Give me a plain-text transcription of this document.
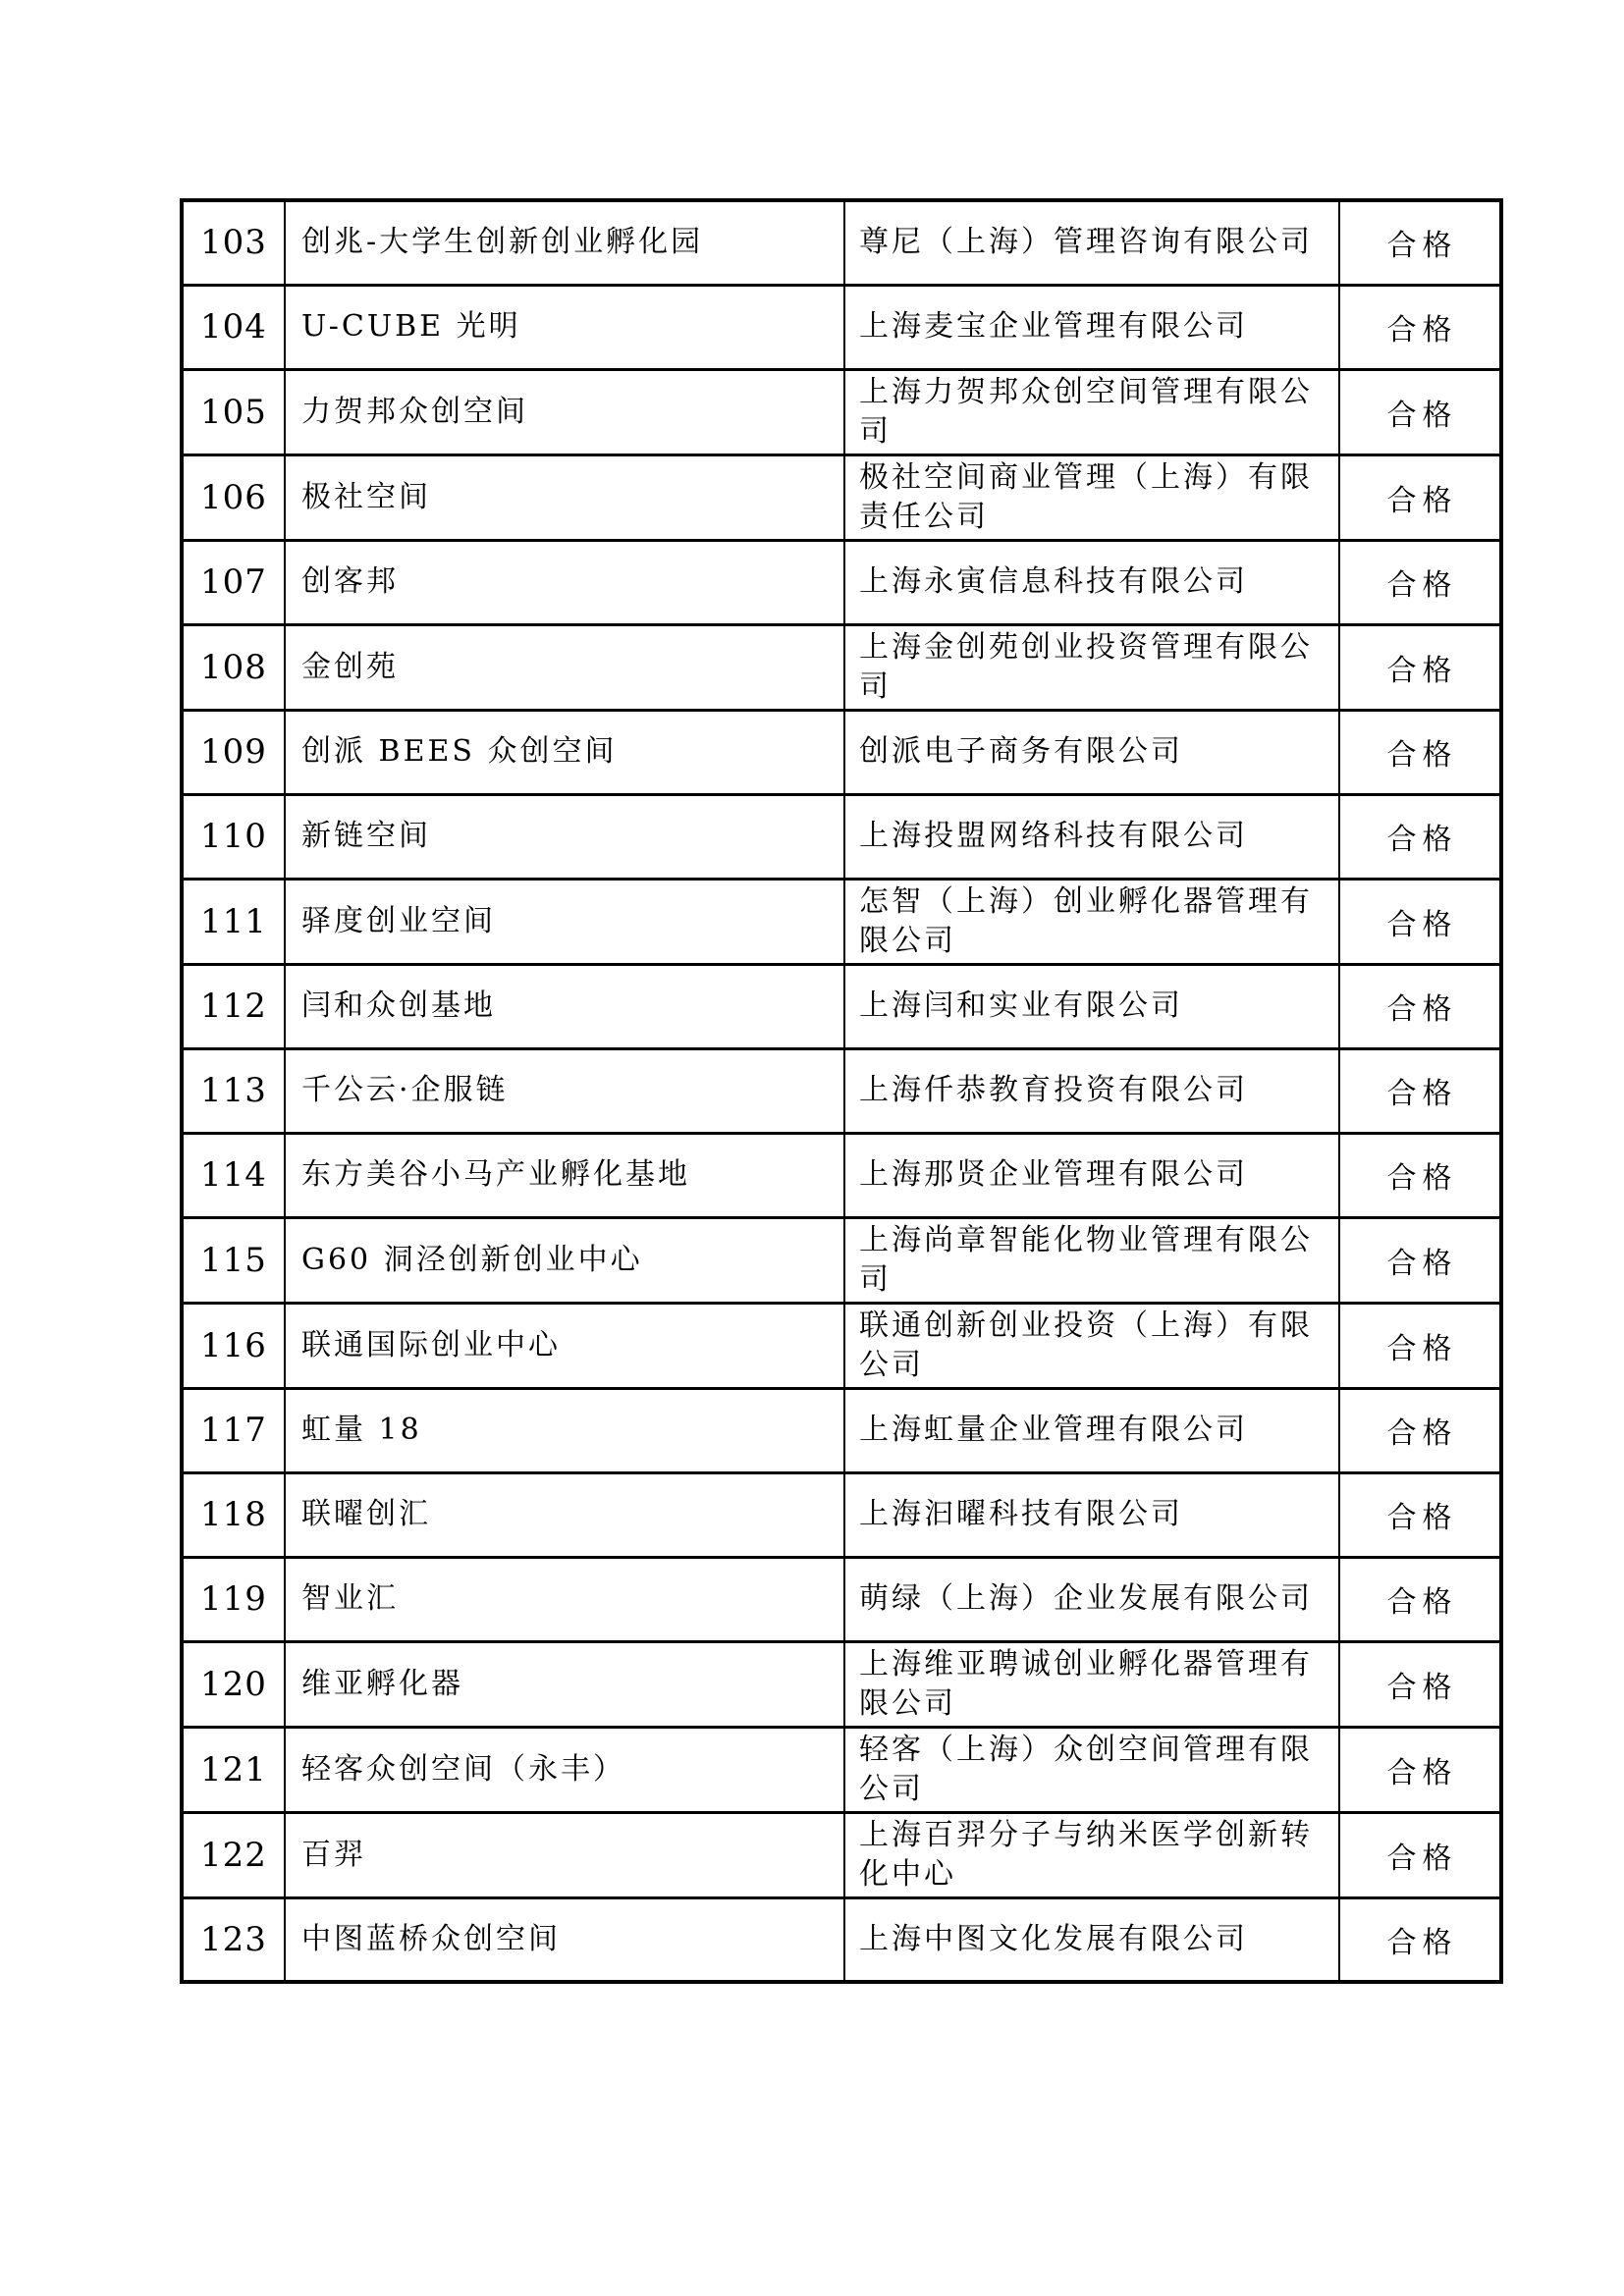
103	创兆-大学生创新创业孵化园	尊尼（上海）管理咨询有限公司	合格
104	U-CUBE 光明	上海麦宝企业管理有限公司	合格
105	力贺邦众创空间	上海力贺邦众创空间管理有限公司	合格
106	极社空间	极社空间商业管理（上海）有限责任公司	合格
107	创客邦	上海永寅信息科技有限公司	合格
108	金创苑	上海金创苑创业投资管理有限公司	合格
109	创派 BEES 众创空间	创派电子商务有限公司	合格
110	新链空间	上海投盟网络科技有限公司	合格
111	驿度创业空间	怎智（上海）创业孵化器管理有限公司	合格
112	闫和众创基地	上海闫和实业有限公司	合格
113	千公云·企服链	上海仟恭教育投资有限公司	合格
114	东方美谷小马产业孵化基地	上海那贤企业管理有限公司	合格
115	G60 洞泾创新创业中心	上海尚章智能化物业管理有限公司	合格
116	联通国际创业中心	联通创新创业投资（上海）有限公司	合格
117	虹量 18	上海虹量企业管理有限公司	合格
118	联曜创汇	上海汩曜科技有限公司	合格
119	智业汇	萌绿（上海）企业发展有限公司	合格
120	维亚孵化器	上海维亚聘诚创业孵化器管理有限公司	合格
121	轻客众创空间（永丰）	轻客（上海）众创空间管理有限公司	合格
122	百羿	上海百羿分子与纳米医学创新转化中心	合格
123	中图蓝桥众创空间	上海中图文化发展有限公司	合格
